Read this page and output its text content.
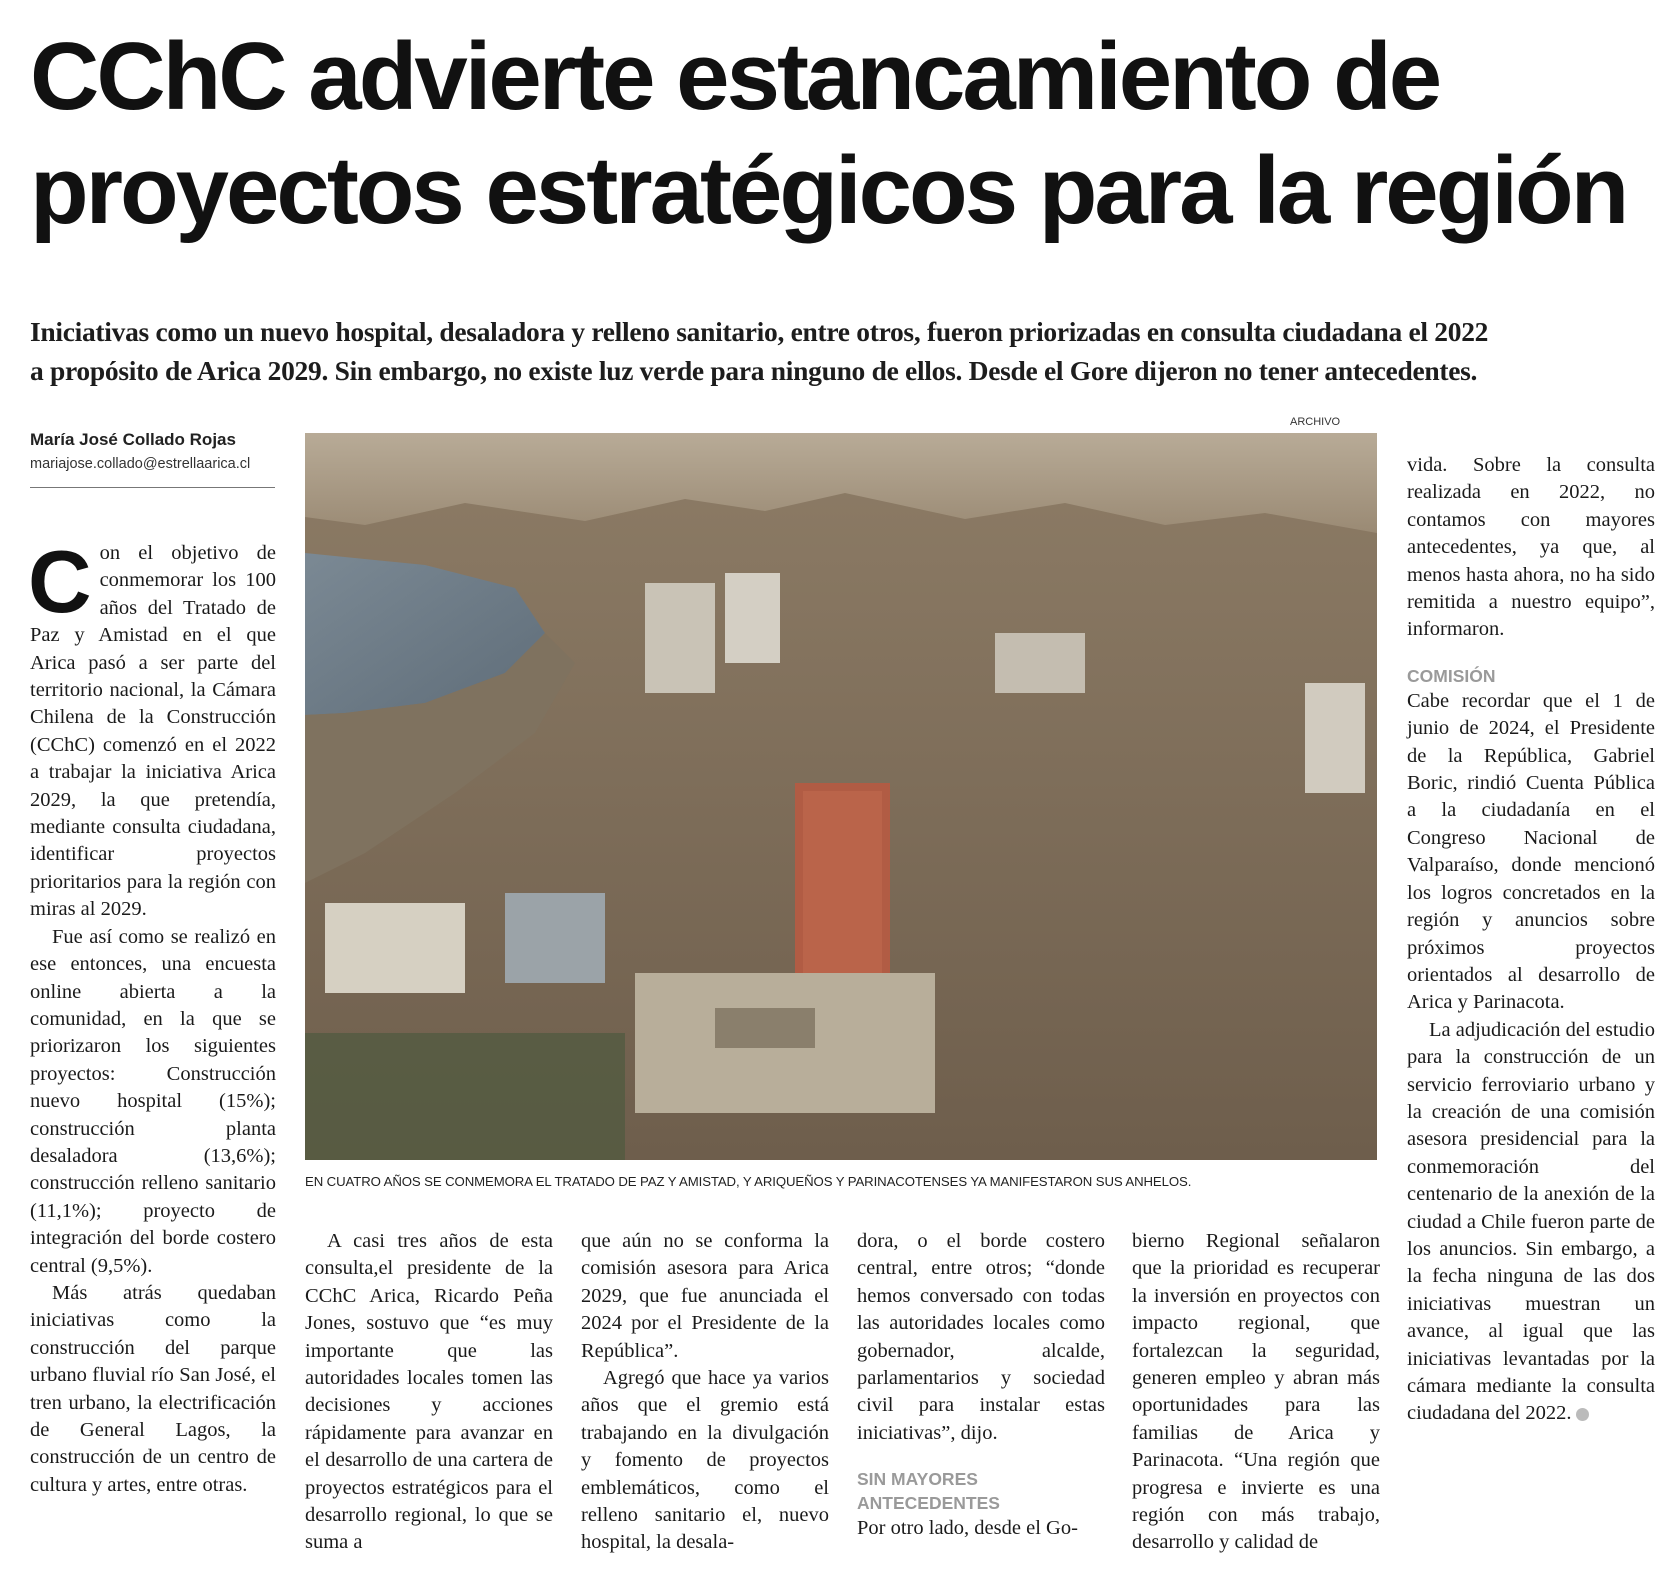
CChC advierte estancamiento de
proyectos estratégicos para la región
Iniciativas como un nuevo hospital, desaladora y relleno sanitario, entre otros, fueron priorizadas en consulta ciudadana el 2022
a propósito de Arica 2029. Sin embargo, no existe luz verde para ninguno de ellos. Desde el Gore dijeron no tener antecedentes.
María José Collado Rojas
mariajose.collado@estrellaarica.cl

Con el objetivo de conmemorar los 100 años del Tratado de Paz y Amistad en el que Arica pasó a ser parte del territorio nacional, la Cámara Chilena de la Construcción (CChC) comenzó en el 2022 a trabajar la iniciativa Arica 2029, la que pretendía, mediante consulta ciudadana, identificar proyectos prioritarios para la región con miras al 2029.

Fue así como se realizó en ese entonces, una encuesta online abierta a la comunidad, en la que se priorizaron los siguientes proyectos: Construcción nuevo hospital (15%); construcción planta desaladora (13,6%); construcción relleno sanitario (11,1%); proyecto de integración del borde costero central (9,5%).

Más atrás quedaban iniciativas como la construcción del parque urbano fluvial río San José, el tren urbano, la electrificación de General Lagos, la construcción de un centro de cultura y artes, entre otras.

ARCHIVO
EN CUATRO AÑOS SE CONMEMORA EL TRATADO DE PAZ Y AMISTAD, Y ARIQUEÑOS Y PARINACOTENSES YA MANIFESTARON SUS ANHELOS.

A casi tres años de esta consulta,el presidente de la CChC Arica, Ricardo Peña Jones, sostuvo que “es muy importante que las autoridades locales tomen las decisiones y acciones rápidamente para avanzar en el desarrollo de una cartera de proyectos estratégicos para el desarrollo regional, lo que se suma a

que aún no se conforma la comisión asesora para Arica 2029, que fue anunciada el 2024 por el Presidente de la República”.

Agregó que hace ya varios años que el gremio está trabajando en la divulgación y fomento de proyectos emblemáticos, como el relleno sanitario el, nuevo hospital, la desala-

dora, o el borde costero central, entre otros; “donde hemos conversado con todas las autoridades locales como gobernador, alcalde, parlamentarios y sociedad civil para instalar estas iniciativas”, dijo.

SIN MAYORES
ANTECEDENTES

Por otro lado, desde el Go-

bierno Regional señalaron que la prioridad es recuperar la inversión en proyectos con impacto regional, que fortalezcan la seguridad, generen empleo y abran más oportunidades para las familias de Arica y Parinacota. “Una región que progresa e invierte es una región con más trabajo, desarrollo y calidad de

vida. Sobre la consulta realizada en 2022, no contamos con mayores antecedentes, ya que, al menos hasta ahora, no ha sido remitida a nuestro equipo”, informaron.

COMISIÓN

Cabe recordar que el 1 de junio de 2024, el Presidente de la República, Gabriel Boric, rindió Cuenta Pública a la ciudadanía en el Congreso Nacional de Valparaíso, donde mencionó los logros concretados en la región y anuncios sobre próximos proyectos orientados al desarrollo de Arica y Parinacota.

La adjudicación del estudio para la construcción de un servicio ferroviario urbano y la creación de una comisión asesora presidencial para la conmemoración del centenario de la anexión de la ciudad a Chile fueron parte de los anuncios. Sin embargo, a la fecha ninguna de las dos iniciativas muestran un avance, al igual que las iniciativas levantadas por la cámara mediante la consulta ciudadana del 2022.
